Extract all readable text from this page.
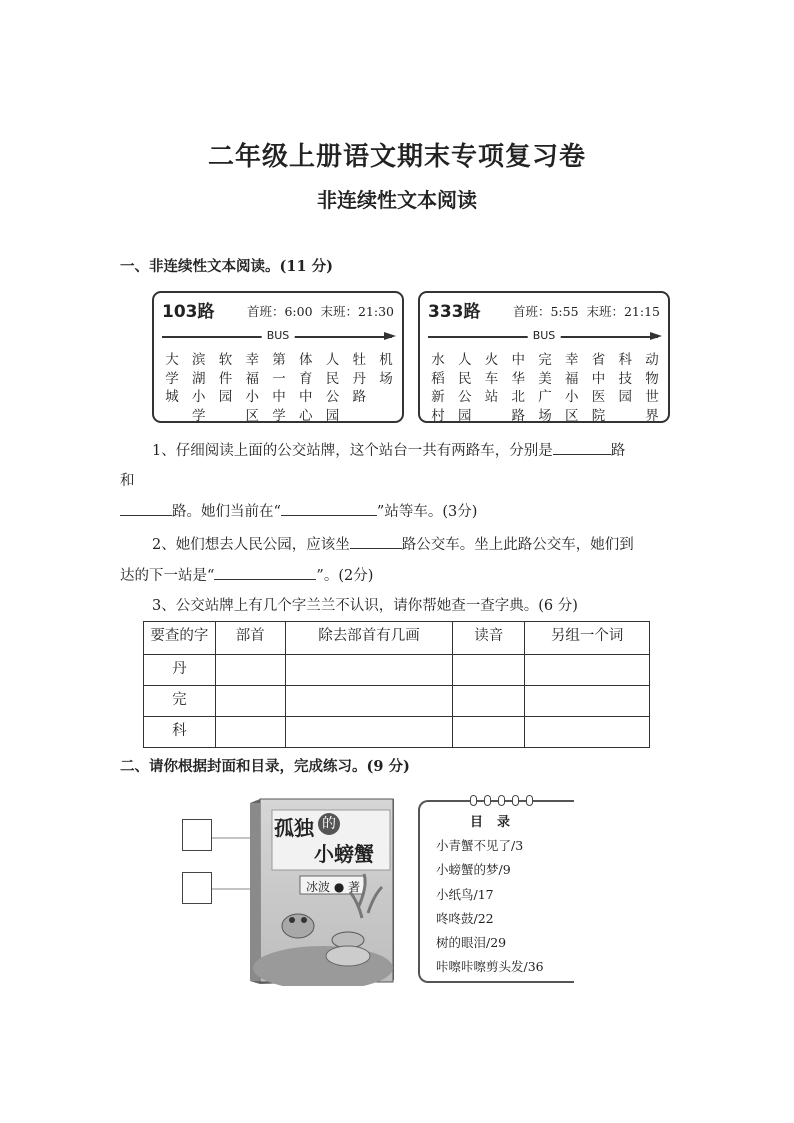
二年级上册语文期末专项复习卷
非连续性文本阅读
一、非连续性文本阅读。(11 分)
103路	首班：6:00  末班：21:30
BUS
大
学
城
滨
湖
小
学
软
件
园
幸
福
小
区
第
一
中
学
体
育
中
心
人
民
公
园
牡
丹
路
机
场
333路	首班：5:55  末班：21:15
BUS
水
稻
新
村
人
民
公
园
火
车
站
中
华
北
路
完
美
广
场
幸
福
小
区
省
中
医
院
科
技
园
动
物
世
界
1、仔细阅读上面的公交站牌，这个站台一共有两路车，分别是	路
和
路。她们当前在“	”站等车。(3分)
2、她们想去人民公园，应该坐	路公交车。坐上此路公交车，她们到
达的下一站是“	”。(2分)
3、公交站牌上有几个字兰兰不认识，请你帮她查一查字典。(6 分)
要查的字	部首	除去部首有几画	读音	另组一个词
丹				
完				
科				
二、请你根据封面和目录，完成练习。(9 分)
孤独 的
小螃蟹
冰波 ● 著
目录
小青蟹不见了/3
小螃蟹的梦/9
小纸鸟/17
咚咚鼓/22
树的眼泪/29
咔嚓咔嚓剪头发/36
